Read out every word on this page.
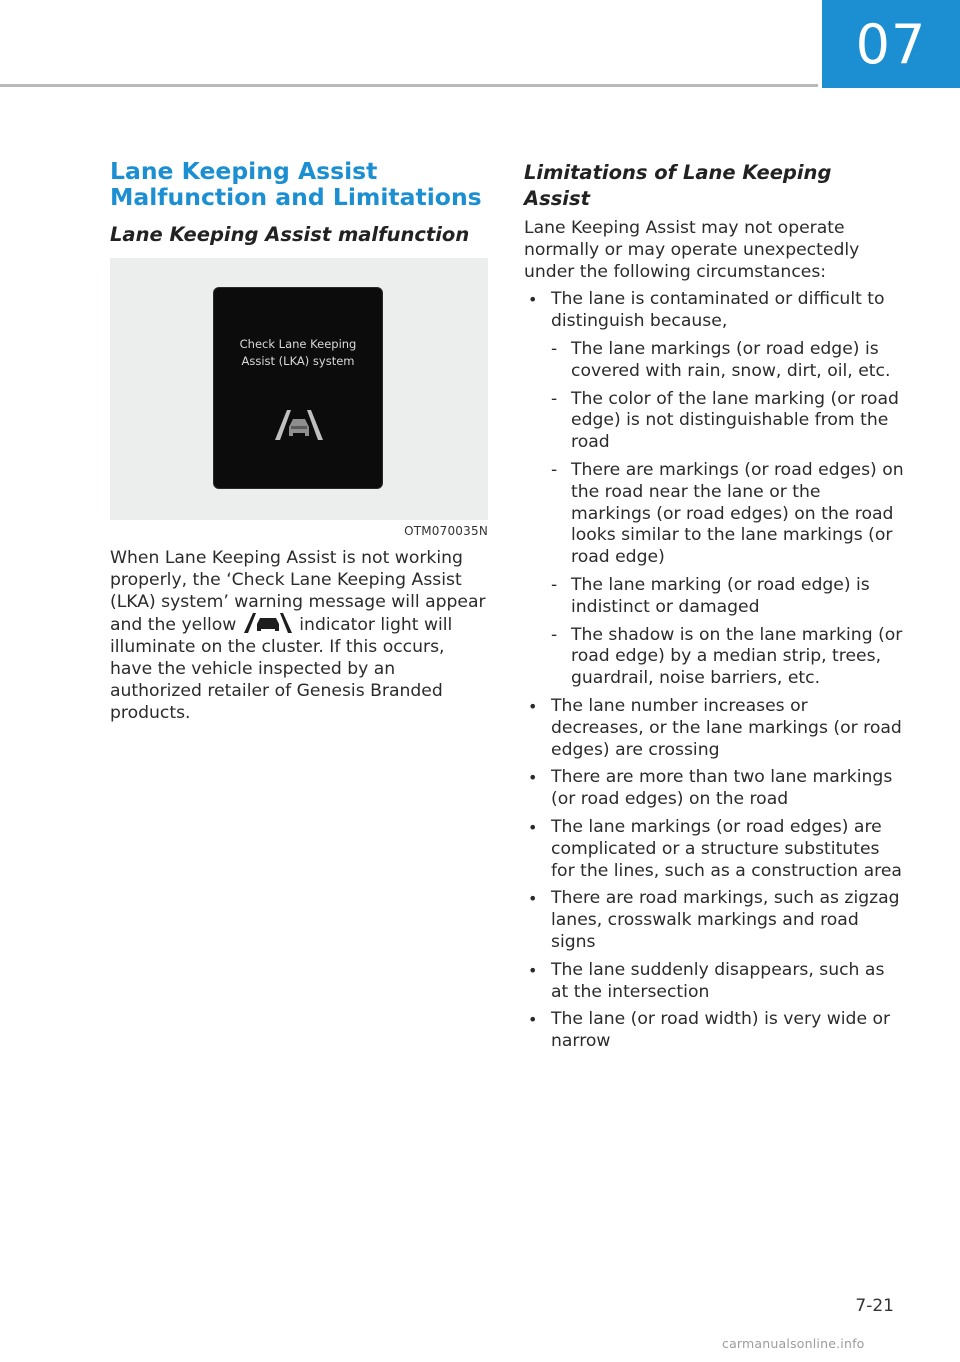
07
Lane Keeping Assist Malfunction and Limitations
Lane Keeping Assist malfunction
Check Lane Keeping
Assist (LKA) system
OTM070035N

When Lane Keeping Assist is not working properly, the ‘Check Lane Keeping Assist (LKA) system’ warning message will appear and the yellow	indicator light will illuminate on the cluster. If this occurs, have the vehicle inspected by an authorized retailer of Genesis Branded products.

Limitations of Lane Keeping Assist

Lane Keeping Assist may not operate normally or may operate unexpectedly under the following circumstances:

• The lane is contaminated or difficult to distinguish because,
- The lane markings (or road edge) is covered with rain, snow, dirt, oil, etc.
- The color of the lane marking (or road edge) is not distinguishable from the road
- There are markings (or road edges) on the road near the lane or the markings (or road edges) on the road looks similar to the lane markings (or road edge)
- The lane marking (or road edge) is indistinct or damaged
- The shadow is on the lane marking (or road edge) by a median strip, trees, guardrail, noise barriers, etc.
• The lane number increases or decreases, or the lane markings (or road edges) are crossing
• There are more than two lane markings (or road edges) on the road
• The lane markings (or road edges) are complicated or a structure substitutes for the lines, such as a construction area
• There are road markings, such as zigzag lanes, crosswalk markings and road signs
• The lane suddenly disappears, such as at the intersection
• The lane (or road width) is very wide or narrow
7-21
carmanualsonline.info
